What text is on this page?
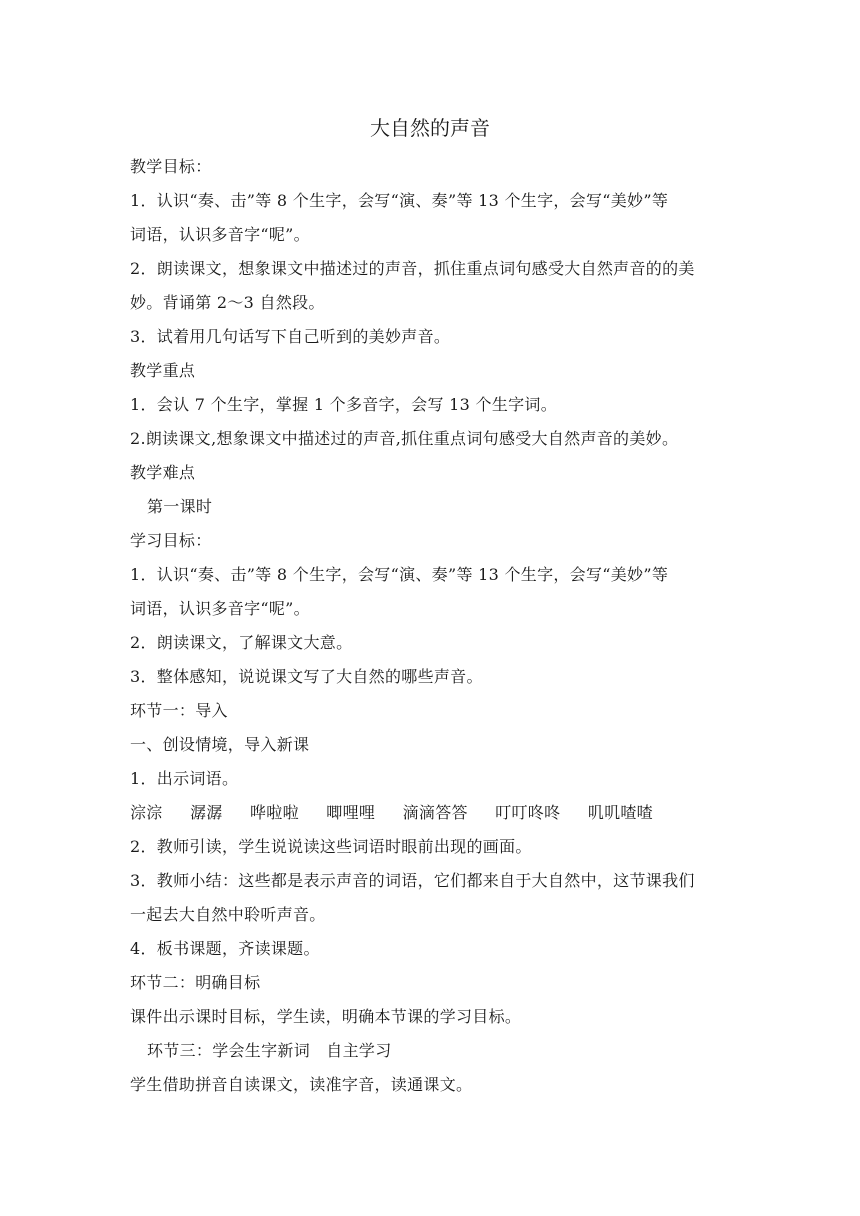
大自然的声音
教学目标：
1．认识“奏、击”等 8 个生字，会写“演、奏”等 13 个生字，会写“美妙”等
词语，认识多音字“呢”。
2．朗读课文，想象课文中描述过的声音，抓住重点词句感受大自然声音的的美
妙。背诵第 2～3 自然段。
3．试着用几句话写下自己听到的美妙声音。
教学重点
1．会认 7 个生字，掌握 1 个多音字，会写 13 个生字词。
2.朗读课文,想象课文中描述过的声音,抓住重点词句感受大自然声音的美妙。
教学难点
第一课时
学习目标：
1．认识“奏、击”等 8 个生字，会写“演、奏”等 13 个生字，会写“美妙”等
词语，认识多音字“呢”。
2．朗读课文，了解课文大意。
3．整体感知，说说课文写了大自然的哪些声音。
环节一：导入
一、创设情境，导入新课
1．出示词语。
淙淙 潺潺 哗啦啦 唧哩哩 滴滴答答 叮叮咚咚 叽叽喳喳
2．教师引读，学生说说读这些词语时眼前出现的画面。
3．教师小结：这些都是表示声音的词语，它们都来自于大自然中，这节课我们
一起去大自然中聆听声音。
4．板书课题，齐读课题。
环节二：明确目标
课件出示课时目标，学生读，明确本节课的学习目标。
环节三：学会生字新词　自主学习
学生借助拼音自读课文，读准字音，读通课文。
